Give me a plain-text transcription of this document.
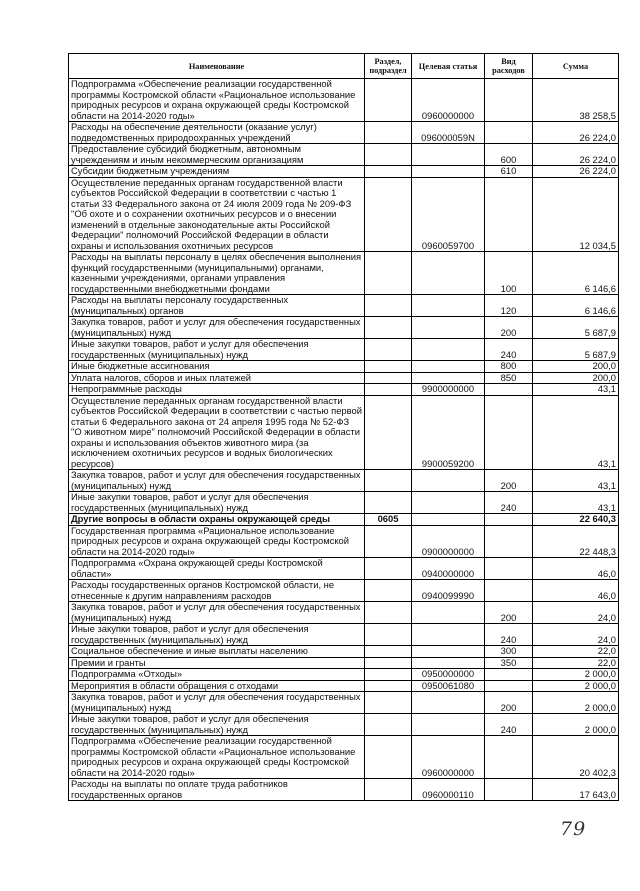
Наименование	Раздел, подраздел	Целевая статья	Вид расходов	Сумма
Подпрограмма «Обеспечение реализации государственной программы Костромской области «Рациональное использование природных ресурсов и охрана окружающей среды Костромской области на 2014-2020 годы»		0960000000		38 258,5
Расходы на обеспечение деятельности (оказание услуг) подведомственных природоохранных учреждений		096000059N		26 224,0
Предоставление субсидий бюджетным, автономным учреждениям и иным некоммерческим организациям			600	26 224,0
Субсидии бюджетным учреждениям			610	26 224,0
Осуществление переданных органам государственной власти субъектов Российской Федерации в соответствии с частью 1 статьи 33 Федерального закона от 24 июля 2009 года № 209-ФЗ "Об охоте и о сохранении охотничьих ресурсов и о внесении изменений в отдельные законодательные акты Российской Федерации" полномочий Российской Федерации в области охраны и использования охотничьих ресурсов		0960059700		12 034,5
Расходы на выплаты персоналу в целях обеспечения выполнения функций государственными (муниципальными) органами, казенными учреждениями, органами управления государственными внебюджетными фондами			100	6 146,6
Расходы на выплаты персоналу государственных (муниципальных) органов			120	6 146,6
Закупка товаров, работ и услуг для обеспечения государственных (муниципальных) нужд			200	5 687,9
Иные закупки товаров, работ и услуг для обеспечения государственных (муниципальных) нужд			240	5 687,9
Иные бюджетные ассигнования			800	200,0
Уплата налогов, сборов и иных платежей			850	200,0
Непрограммные расходы		9900000000		43,1
Осуществление переданных органам государственной власти субъектов Российской Федерации в соответствии с частью первой статьи 6 Федерального закона от 24 апреля 1995 года № 52-ФЗ "О животном мире" полномочий Российской Федерации в области охраны и использования объектов животного мира (за исключением охотничьих ресурсов и водных биологических ресурсов)		9900059200		43,1
Закупка товаров, работ и услуг для обеспечения государственных (муниципальных) нужд			200	43,1
Иные закупки товаров, работ и услуг для обеспечения государственных (муниципальных) нужд			240	43,1
Другие вопросы в области охраны окружающей среды	0605			22 640,3
Государственная программа «Рациональное использование природных ресурсов и охрана окружающей среды Костромской области на 2014-2020 годы»		0900000000		22 448,3
Подпрограмма «Охрана окружающей среды Костромской области»		0940000000		46,0
Расходы государственных органов Костромской области, не отнесенные к другим направлениям расходов		0940099990		46,0
Закупка товаров, работ и услуг для обеспечения государственных (муниципальных) нужд			200	24,0
Иные закупки товаров, работ и услуг для обеспечения государственных (муниципальных) нужд			240	24,0
Социальное обеспечение и иные выплаты населению			300	22,0
Премии и гранты			350	22,0
Подпрограмма «Отходы»		0950000000		2 000,0
Мероприятия в области обращения с отходами		0950061080		2 000,0
Закупка товаров, работ и услуг для обеспечения государственных (муниципальных) нужд			200	2 000,0
Иные закупки товаров, работ и услуг для обеспечения государственных (муниципальных) нужд			240	2 000,0
Подпрограмма «Обеспечение реализации государственной программы Костромской области «Рациональное использование природных ресурсов и охрана окружающей среды Костромской области на 2014-2020 годы»		0960000000		20 402,3
Расходы на выплаты по оплате труда работников государственных органов		0960000110		17 643,0
79
